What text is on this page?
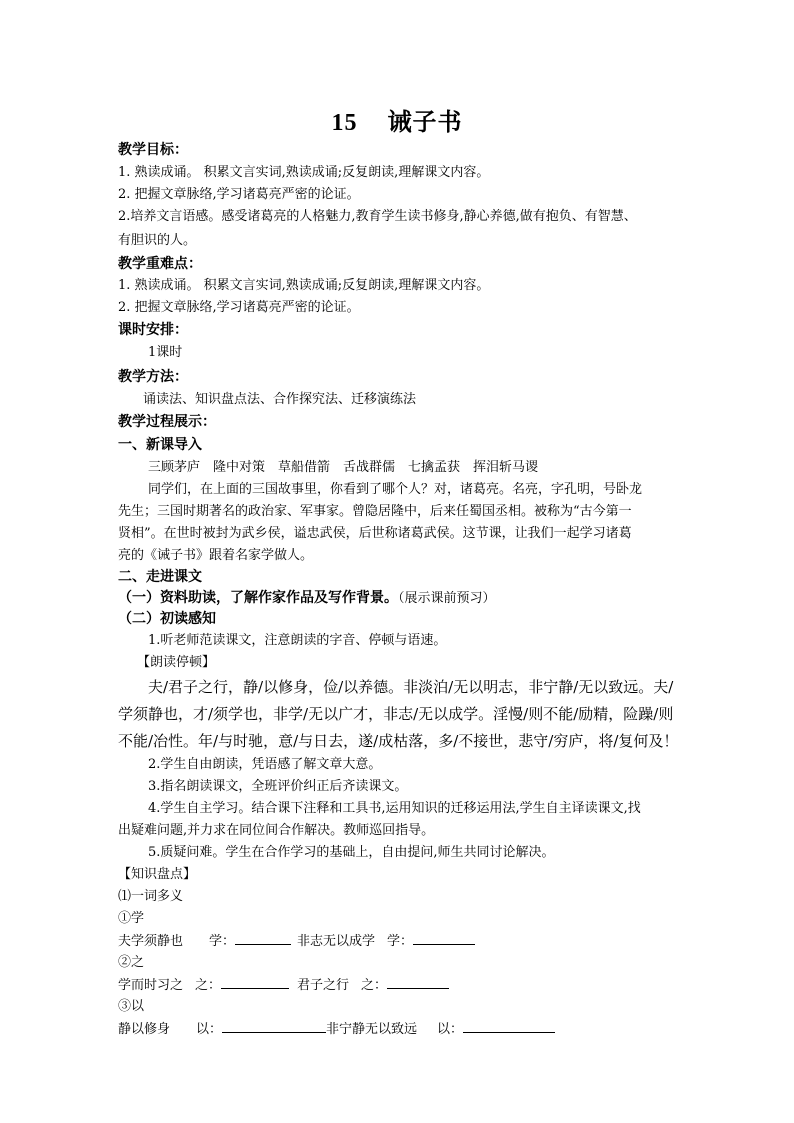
15 诫子书
教学目标：
1. 熟读成诵。 积累文言实词,熟读成诵;反复朗读,理解课文内容。
2. 把握文章脉络,学习诸葛亮严密的论证。
2.培养文言语感。感受诸葛亮的人格魅力,教育学生读书修身,静心养德,做有抱负、有智慧、
有胆识的人。
教学重难点：
1. 熟读成诵。 积累文言实词,熟读成诵;反复朗读,理解课文内容。
2. 把握文章脉络,学习诸葛亮严密的论证。
课时安排：
1课时
教学方法：
诵读法、知识盘点法、合作探究法、迁移演练法
教学过程展示：
一、新课导入
三顾茅庐　隆中对策　草船借箭　舌战群儒　七擒孟获　挥泪斩马谡
同学们，在上面的三国故事里，你看到了哪个人？对，诸葛亮。名亮，字孔明，号卧龙
先生；三国时期著名的政治家、军事家。曾隐居隆中，后来任蜀国丞相。被称为“古今第一
贤相”。在世时被封为武乡侯，谥忠武侯，后世称诸葛武侯。这节课，让我们一起学习诸葛
亮的《诫子书》跟着名家学做人。
二、走进课文
（一）资料助读，了解作家作品及写作背景。（展示课前预习）
（二）初读感知
1.听老师范读课文，注意朗读的字音、停顿与语速。
【朗读停顿】
夫/君子之行，静/以修身，俭/以养德。非淡泊/无以明志，非宁静/无以致远。夫/
学须静也，才/须学也，非学/无以广才，非志/无以成学。淫慢/则不能/励精，险躁/则
不能/冶性。年/与时驰，意/与日去，遂/成枯落，多/不接世，悲守/穷庐，将/复何及！
2.学生自由朗读，凭语感了解文章大意。
3.指名朗读课文，全班评价纠正后齐读课文。
4.学生自主学习。结合课下注释和工具书,运用知识的迁移运用法,学生自主译读课文,找
出疑难问题,并力求在同位间合作解决。教师巡回指导。
5.质疑问难。学生在合作学习的基础上，自由提问,师生共同讨论解决。
【知识盘点】
⑴一词多义
①学
夫学须静也 学：	非志无以成学 学：
②之
学而时习之 之：	君子之行 之：
③以
静以修身 以：	非宁静无以致远 以：
